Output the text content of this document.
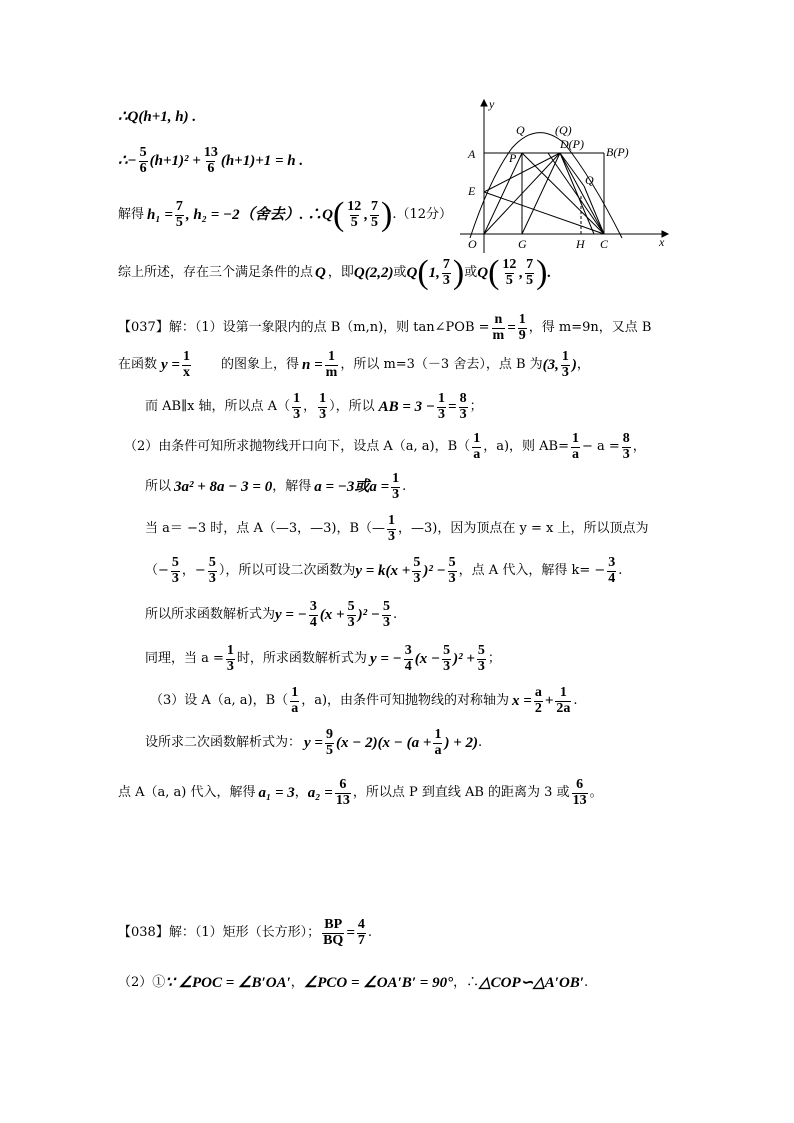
∴Q(h+1, h) .
∴− $\frac{5}{6} (h+1)^2 + \frac{13}{6} (h+1)+1 = h$ .
解得 $h_1 = \frac{7}{5}$ , h₂ = −2（舍去）. ∴Q ( $\frac{12}{5}$ , $\frac{7}{5}$ ) .（12分）
综上所述，存在三个满足条件的点 Q ，即 Q(2,2) 或 Q ( 1, $\frac{7}{3}$ ) 或 Q ( $\frac{12}{5}$ , $\frac{7}{5}$ ) .
y
x
O	G	H C
A
E
P
Q	(Q)
D(P)
B(P)
Q
【037】解：（1）设第一象限内的点 B（m,n)，则 tan∠POB = $\frac{n}{m} = \frac{1}{9}$ ，得 m=9n，又点 B
在函数 $y = \frac{1}{x}$ 的图象上，得 $n = \frac{1}{m}$ ，所以 m=3（－3 舍去），点 B 为 (3, $\frac{1}{3}$ ) ，
而 AB∥x 轴，所以点 $A( \frac{1}{3}$ ， $\frac{1}{3}$ ），所以 AB = $3 - \frac{1}{3} = \frac{8}{3}$ ；
（2）由条件可知所求抛物线开口向下，设点 A（a, a)，$B( \frac{1}{a}$ ，a)，则 $AB= \frac{1}{a} - a = \frac{8}{3}$ ，
所以 3a² + 8a − 3 = 0 ，解得 a = −3或$a = \frac{1}{3}$ .
当 a＝ −3 时，点 A（—3，—3)，B（— $\frac{1}{3}$ ，—3)，因为顶点在 y = x 上，所以顶点为
（− $\frac{5}{3}$ ，− $\frac{5}{3}$ ），所以可设二次函数为 $y = k(x + \frac{5}{3} )^2 - \frac{5}{3}$ ，点 A 代入，解得 $k= - \frac{3}{4}$ .
所以所求函数解析式为 y = − $\frac{3}{4} (x + \frac{5}{3} )^2 - \frac{5}{3}$ .
同理，当 $a = \frac{1}{3}$ 时，所求函数解析式为 y = − $\frac{3}{4} (x - \frac{5}{3} )^2 + \frac{5}{3}$ ；
（3）设 A（a, a)，$B( \frac{1}{a}$ ，a)，由条件可知抛物线的对称轴为 $x = \frac{a}{2} + \frac{1}{2a}$ .
设所求二次函数解析式为： $y = \frac{9}{5} (x - 2)(x - (a + \frac{1}{a}$ ) + 2) .
点 A（a, a) 代入，解得 a₁ = 3 ， $a_2 = \frac{6}{13}$ ，所以点 P 到直线 AB 的距离为 3 或 $\frac{6}{13}$ 。
【038】解：（1）矩形（长方形）； $\frac{BP}{BQ} = \frac{4}{7}$ .
（2）① ∵ ∠POC = ∠B′OA′ ， ∠PCO = ∠OA′B′ = 90° ，∴ △COP∽△A′OB′ .
